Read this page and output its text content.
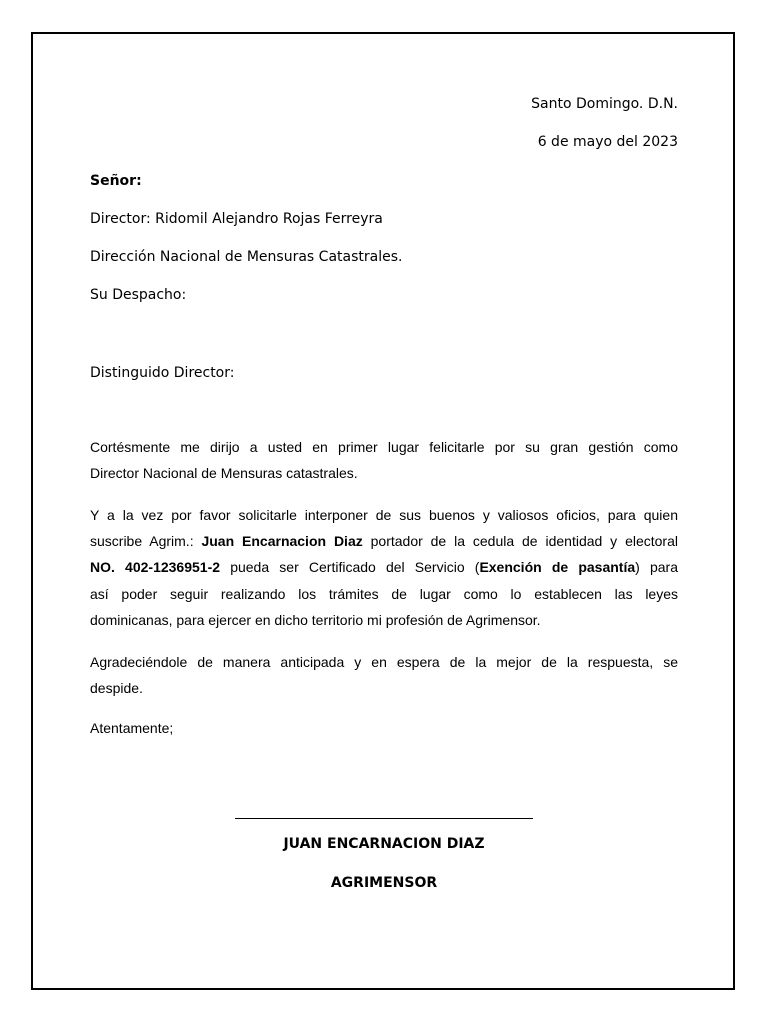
Santo Domingo. D.N.
6 de mayo del 2023
Señor:
Director: Ridomil Alejandro Rojas Ferreyra
Dirección Nacional de Mensuras Catastrales.
Su Despacho:
Distinguido Director:
Cortésmente me dirijo a usted en primer lugar felicitarle por su gran gestión como
Director Nacional de Mensuras catastrales.
Y a la vez por favor solicitarle interponer de sus buenos y valiosos oficios, para quien
suscribe Agrim.: Juan Encarnacion Diaz portador de la cedula de identidad y electoral
NO. 402-1236951-2 pueda ser Certificado del Servicio (Exención de pasantía) para
así poder seguir realizando los trámites de lugar como lo establecen las leyes
dominicanas, para ejercer en dicho territorio mi profesión de Agrimensor.
Agradeciéndole de manera anticipada y en espera de la mejor de la respuesta, se
despide.
Atentamente;
JUAN ENCARNACION DIAZ
AGRIMENSOR
